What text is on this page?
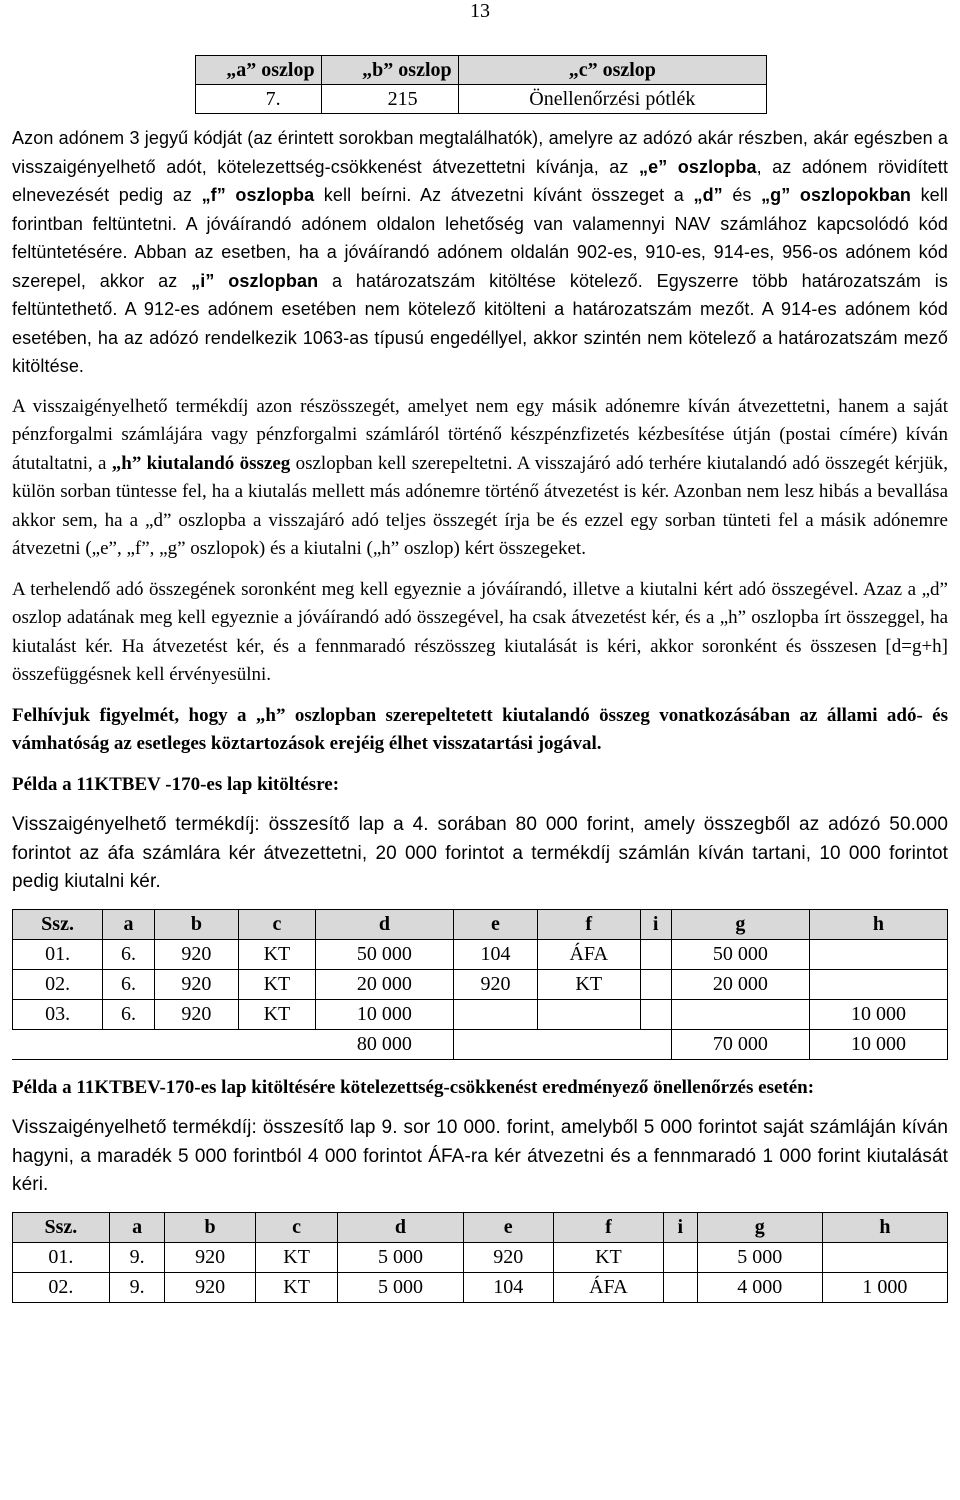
13
„a” oszlop	„b” oszlop	„c” oszlop
7.	215	Önellenőrzési pótlék

Azon adónem 3 jegyű kódját (az érintett sorokban megtalálhatók), amelyre az adózó akár részben, akár egészben a visszaigényelhető adót, kötelezettség-csökkenést átvezettetni kívánja, az „e” oszlopba, az adónem rövidített elnevezését pedig az „f” oszlopba kell beírni. Az átvezetni kívánt összeget a „d” és „g” oszlopokban kell forintban feltüntetni. A jóváírandó adónem oldalon lehetőség van valamennyi NAV számlához kapcsolódó kód feltüntetésére. Abban az esetben, ha a jóváírandó adónem oldalán 902-es, 910-es, 914-es, 956-os adónem kód szerepel, akkor az „i” oszlopban a határozatszám kitöltése kötelező. Egyszerre több határozatszám is feltüntethető. A 912-es adónem esetében nem kötelező kitölteni a határozatszám mezőt. A 914-es adónem kód esetében, ha az adózó rendelkezik 1063-as típusú engedéllyel, akkor szintén nem kötelező a határozatszám mező kitöltése.

A visszaigényelhető termékdíj azon részösszegét, amelyet nem egy másik adónemre kíván átvezettetni, hanem a saját pénzforgalmi számlájára vagy pénzforgalmi számláról történő készpénzfizetés kézbesítése útján (postai címére) kíván átutaltatni, a „h” kiutalandó összeg oszlopban kell szerepeltetni. A visszajáró adó terhére kiutalandó adó összegét kérjük, külön sorban tüntesse fel, ha a kiutalás mellett más adónemre történő átvezetést is kér. Azonban nem lesz hibás a bevallása akkor sem, ha a „d” oszlopba a visszajáró adó teljes összegét írja be és ezzel egy sorban tünteti fel a másik adónemre átvezetni („e”, „f”, „g” oszlopok) és a kiutalni („h” oszlop) kért összegeket.

A terhelendő adó összegének soronként meg kell egyeznie a jóváírandó, illetve a kiutalni kért adó összegével. Azaz a „d” oszlop adatának meg kell egyeznie a jóváírandó adó összegével, ha csak átvezetést kér, és a „h” oszlopba írt összeggel, ha kiutalást kér. Ha átvezetést kér, és a fennmaradó részösszeg kiutalását is kéri, akkor soronként és összesen [d=g+h] összefüggésnek kell érvényesülni.

Felhívjuk figyelmét, hogy a „h” oszlopban szerepeltetett kiutalandó összeg vonatkozásában az állami adó- és vámhatóság az esetleges köztartozások erejéig élhet visszatartási jogával.

Példa a 11KTBEV -170-es lap kitöltésre:

Visszaigényelhető termékdíj: összesítő lap a 4. sorában 80 000 forint, amely összegből az adózó 50.000 forintot az áfa számlára kér átvezettetni, 20 000 forintot a termékdíj számlán kíván tartani, 10 000 forintot pedig kiutalni kér.

Ssz.	a	b	c	d	e	f	i	g	h
01.	6.	920	KT	50 000	104	ÁFA		50 000	
02.	6.	920	KT	20 000	920	KT		20 000	
03.	6.	920	KT	10 000					10 000
				80 000				70 000	10 000

Példa a 11KTBEV-170-es lap kitöltésére kötelezettség-csökkenést eredményező önellenőrzés esetén:

Visszaigényelhető termékdíj: összesítő lap 9. sor 10 000. forint, amelyből 5 000 forintot saját számláján kíván hagyni, a maradék 5 000 forintból 4 000 forintot ÁFA-ra kér átvezetni és a fennmaradó 1 000 forint kiutalását kéri.

Ssz.	a	b	c	d	e	f	i	g	h
01.	9.	920	KT	5 000	920	KT		5 000	
02.	9.	920	KT	5 000	104	ÁFA		4 000	1 000
